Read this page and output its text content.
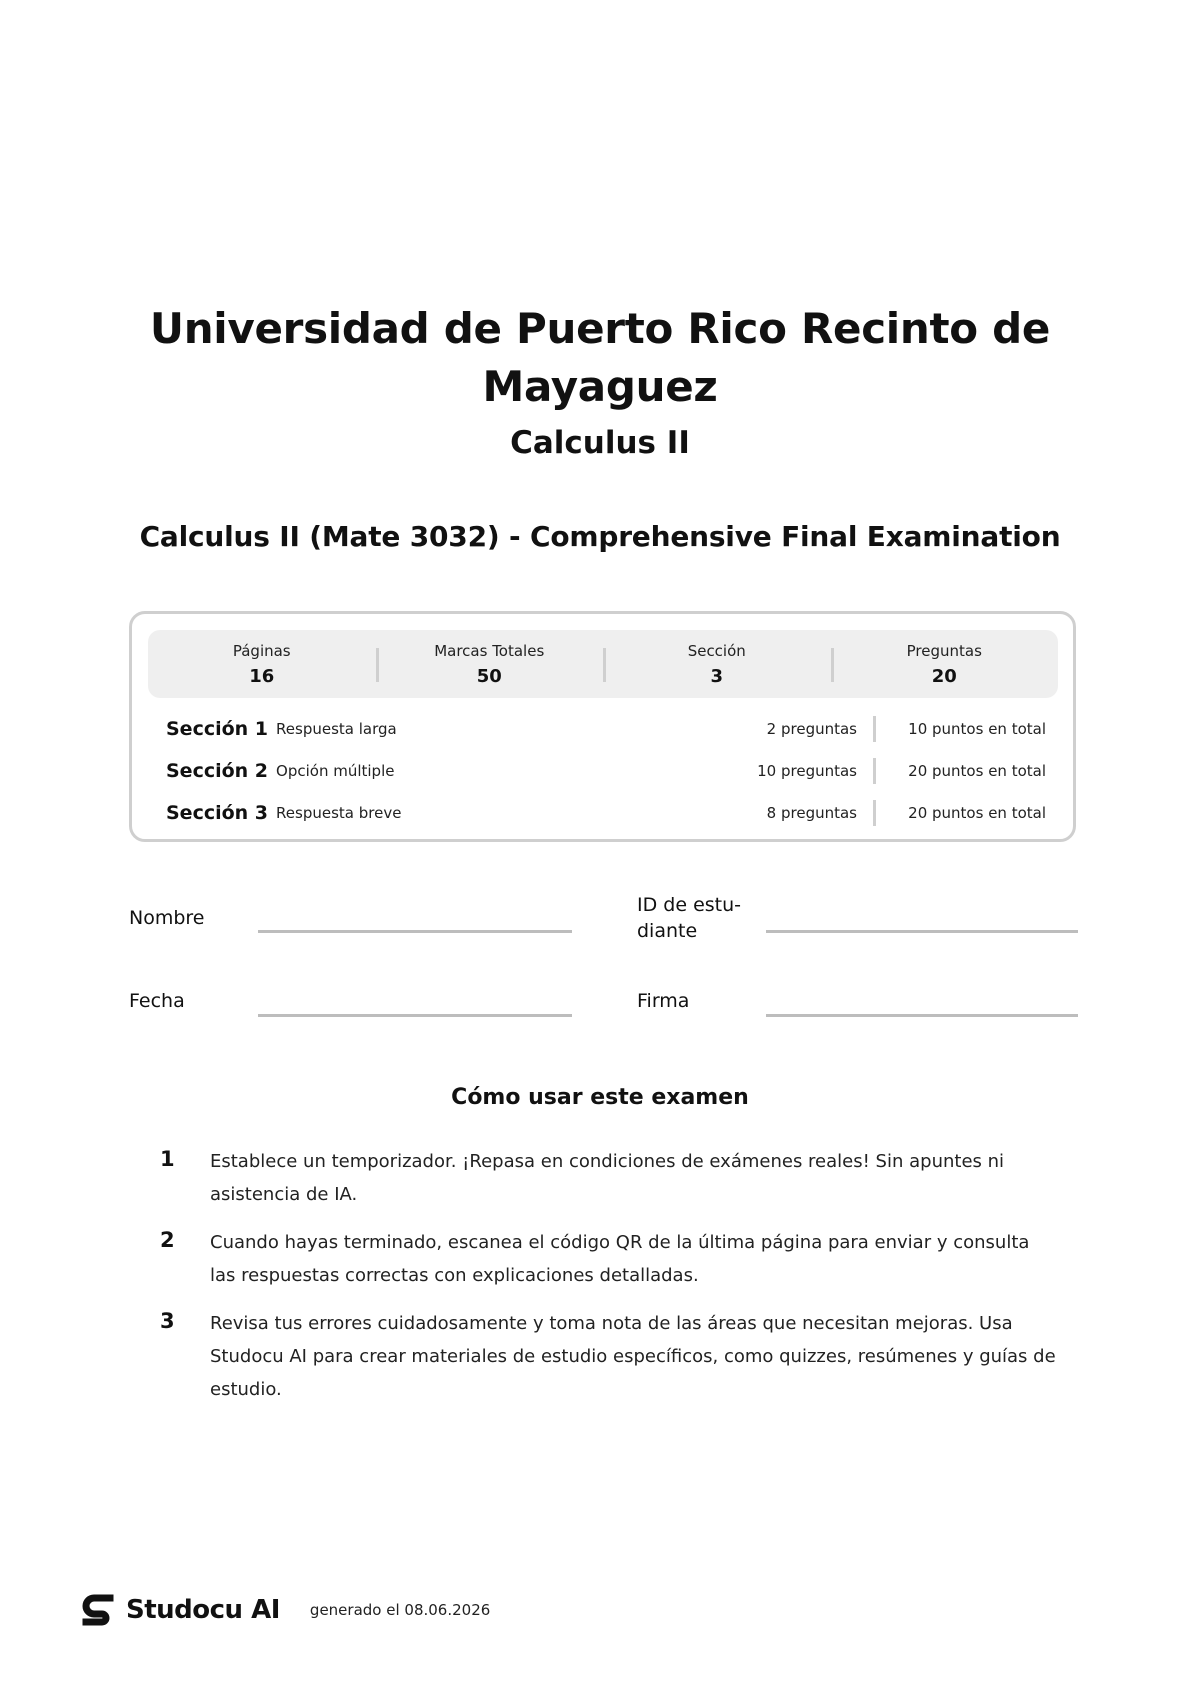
Universidad de Puerto Rico Recinto de Mayaguez
Calculus II
Calculus II (Mate 3032) - Comprehensive Final Examination
Páginas
16
Marcas Totales
50
Sección
3
Preguntas
20
Sección 1 Respuesta larga	2 preguntas	10 puntos en total
Sección 2 Opción múltiple	10 preguntas	20 puntos en total
Sección 3 Respuesta breve	8 preguntas	20 puntos en total
Nombre
ID de estu- diante
Fecha	Firma
Cómo usar este examen
1	Establece un temporizador. ¡Repasa en condiciones de exámenes reales! Sin apuntes ni asistencia de IA.
2	Cuando hayas terminado, escanea el código QR de la última página para enviar y consulta las respuestas correctas con explicaciones detalladas.
3	Revisa tus errores cuidadosamente y toma nota de las áreas que necesitan mejoras. Usa Studocu AI para crear materiales de estudio específicos, como quizzes, resúmenes y guías de estudio.
Studocu AI generado el 08.06.2026
